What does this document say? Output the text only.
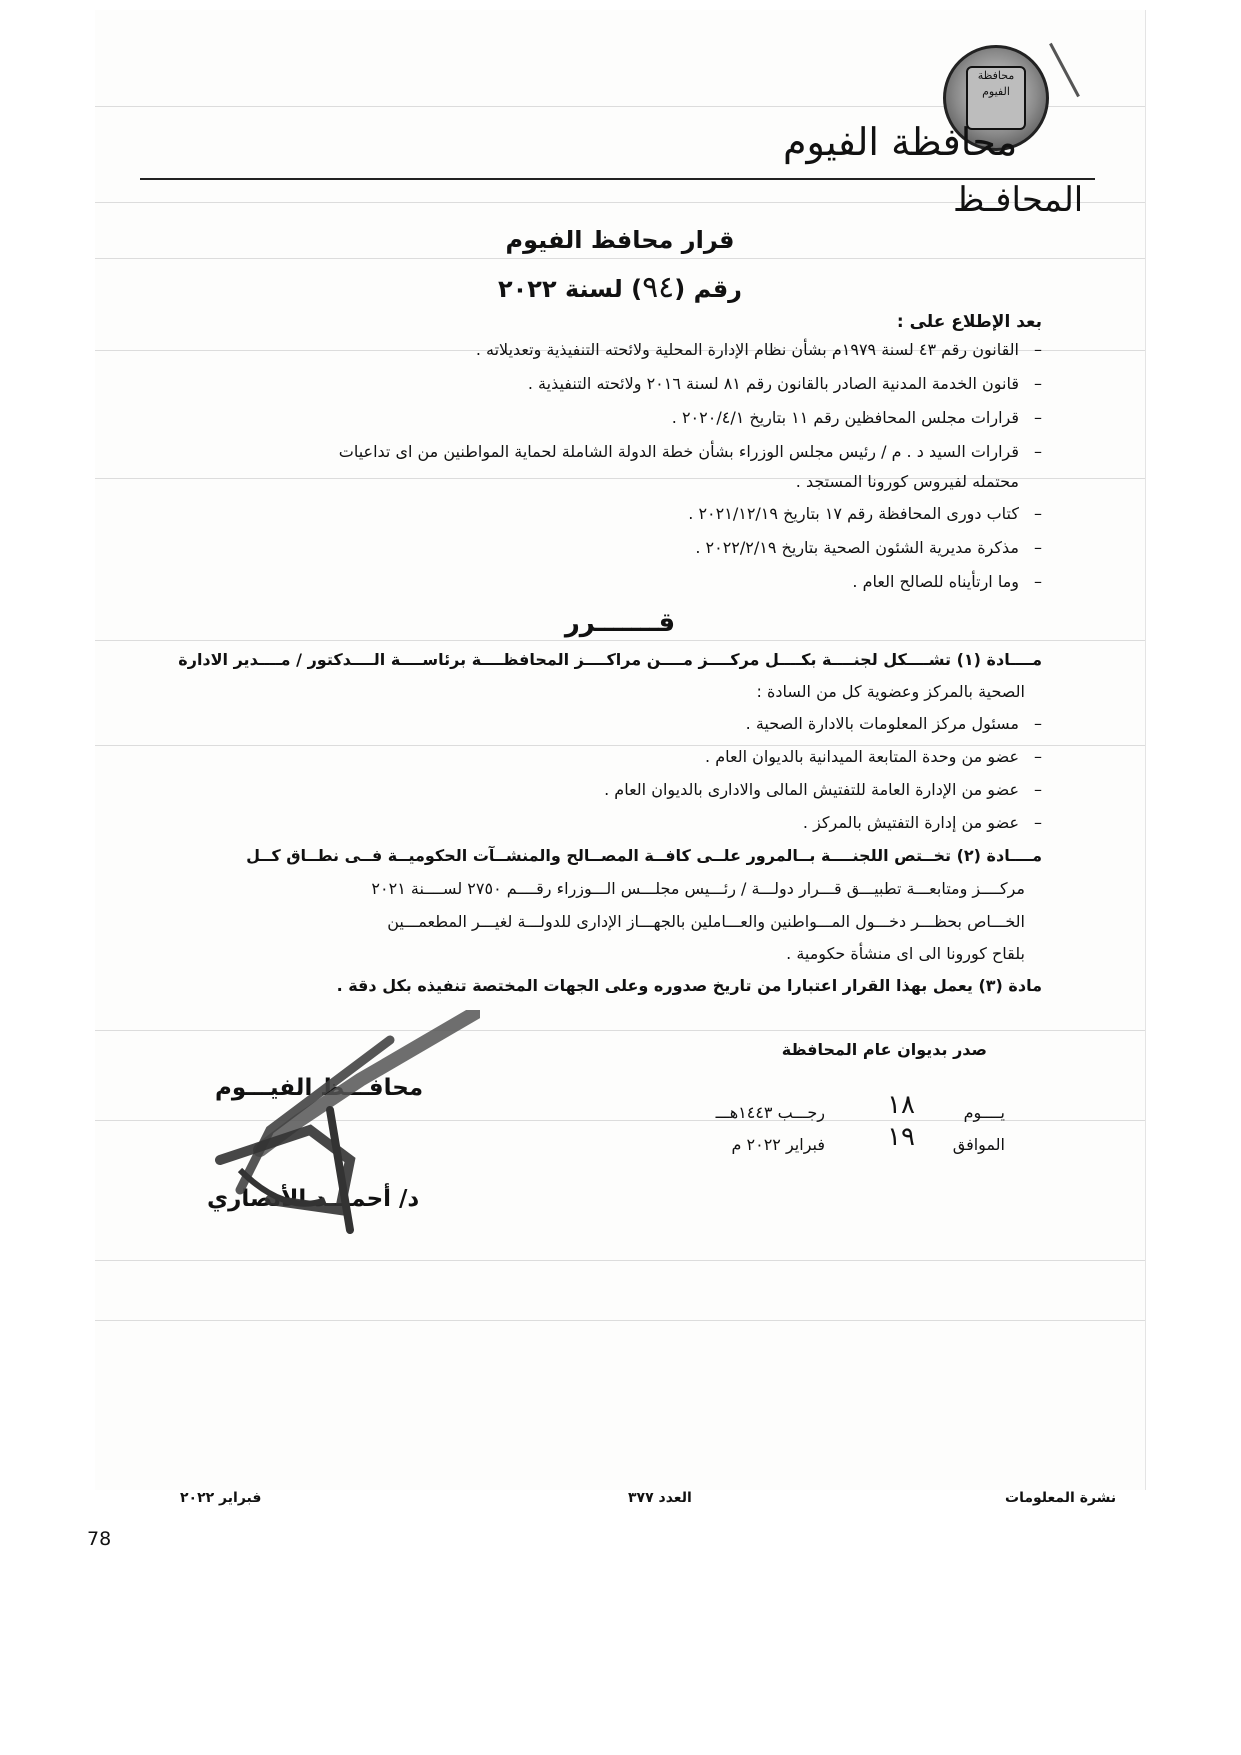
محافظة الفيوم
محافظة الفيوم
المحافـظ
قرار محافظ الفيوم
رقم (٩٤) لسنة ٢٠٢٢
بعد الإطلاع على :
–
القانون رقم ٤٣ لسنة ١٩٧٩م بشأن نظام الإدارة المحلية ولائحته التنفيذية وتعديلاته .
–
قانون الخدمة المدنية الصادر بالقانون رقم ٨١ لسنة ٢٠١٦ ولائحته التنفيذية .
–
قرارات مجلس المحافظين رقم ١١ بتاريخ ٢٠٢٠/٤/١ .
–
قرارات السيد د . م / رئيس مجلس الوزراء بشأن خطة الدولة الشاملة لحماية المواطنين من اى تداعيات
محتمله لفيروس كورونا المستجد .
–
كتاب دورى المحافظة رقم ١٧ بتاريخ ٢٠٢١/١٢/١٩ .
–
مذكرة مديرية الشئون الصحية بتاريخ ٢٠٢٢/٢/١٩ .
–
وما ارتأيناه للصالح العام .
قـــــــرر
مــــادة (١) تشــــكل لجنــــة بكــــل مركــــز مــــن مراكــــز المحافظــــة برئاســــة الــــدكتور / مــــدير الادارة
الصحية بالمركز وعضوية كل من السادة :
–
مسئول مركز المعلومات بالادارة الصحية .
–
عضو من وحدة المتابعة الميدانية بالديوان العام .
–
عضو من الإدارة العامة للتفتيش المالى والادارى بالديوان العام .
–
عضو من إدارة التفتيش بالمركز .
مــــادة (٢) تخــتص اللجنــــة بــالمرور علــى كافــة المصــالح والمنشــآت الحكوميــة فــى نطــاق كــل
مركــــز ومتابعـــة تطبيـــق قـــرار دولـــة / رئـــيس مجلـــس الـــوزراء رقــــم ٢٧٥٠ لســــنة ٢٠٢١
الخـــاص بحظـــر دخـــول المـــواطنين والعـــاملين بالجهـــاز الإدارى للدولـــة لغيـــر المطعمـــين
بلقاح كورونا الى اى منشأة حكومية .
مادة (٣) يعمل بهذا القرار اعتبارا من تاريخ صدوره وعلى الجهات المختصة تنفيذه بكل دقة .
صدر بديوان عام المحافظة
يــــوم
١٨
رجـــب ١٤٤٣هـــ
الموافق
١٩
فبراير ٢٠٢٢ م
محافـــظ الفيـــوم
د/ أحمـــد الأنصاري
نشرة المعلومات
العدد ٣٧٧
فبراير ٢٠٢٢
78
